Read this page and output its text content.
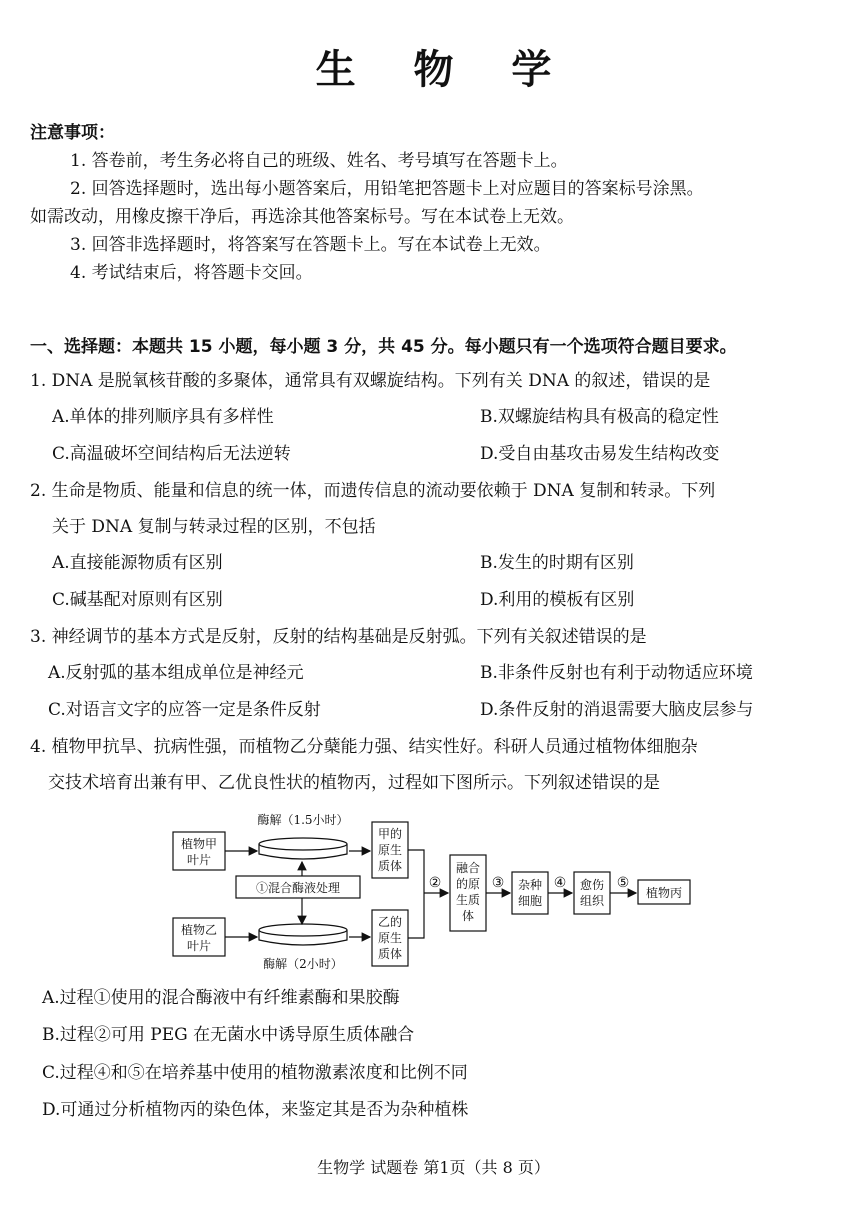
生 物 学
注意事项：
1. 答卷前，考生务必将自己的班级、姓名、考号填写在答题卡上。
2. 回答选择题时，选出每小题答案后，用铅笔把答题卡上对应题目的答案标号涂黑。
如需改动，用橡皮擦干净后，再选涂其他答案标号。写在本试卷上无效。
3. 回答非选择题时，将答案写在答题卡上。写在本试卷上无效。
4. 考试结束后，将答题卡交回。
一、选择题：本题共 15 小题，每小题 3 分，共 45 分。每小题只有一个选项符合题目要求。
1. DNA 是脱氧核苷酸的多聚体，通常具有双螺旋结构。下列有关 DNA 的叙述，错误的是
A.单体的排列顺序具有多样性	B.双螺旋结构具有极高的稳定性
C.高温破坏空间结构后无法逆转	D.受自由基攻击易发生结构改变
2. 生命是物质、能量和信息的统一体，而遗传信息的流动要依赖于 DNA 复制和转录。下列
关于 DNA 复制与转录过程的区别，不包括
A.直接能源物质有区别	B.发生的时期有区别
C.碱基配对原则有区别	D.利用的模板有区别
3. 神经调节的基本方式是反射，反射的结构基础是反射弧。下列有关叙述错误的是
A.反射弧的基本组成单位是神经元	B.非条件反射也有利于动物适应环境
C.对语言文字的应答一定是条件反射	D.条件反射的消退需要大脑皮层参与
4. 植物甲抗旱、抗病性强，而植物乙分蘖能力强、结实性好。科研人员通过植物体细胞杂
交技术培育出兼有甲、乙优良性状的植物丙，过程如下图所示。下列叙述错误的是
植物甲
叶片
植物乙
叶片
酶解（1.5小时）
酶解（2小时）
①混合酶液处理
甲的
原生
质体
乙的
原生
质体
②
融合
的原
生质
体
③ 杂种
细胞
④ 愈伤
组织
⑤
植物丙
A.过程①使用的混合酶液中有纤维素酶和果胶酶
B.过程②可用 PEG 在无菌水中诱导原生质体融合
C.过程④和⑤在培养基中使用的植物激素浓度和比例不同
D.可通过分析植物丙的染色体，来鉴定其是否为杂种植株
生物学 试题卷 第1页（共 8 页）
